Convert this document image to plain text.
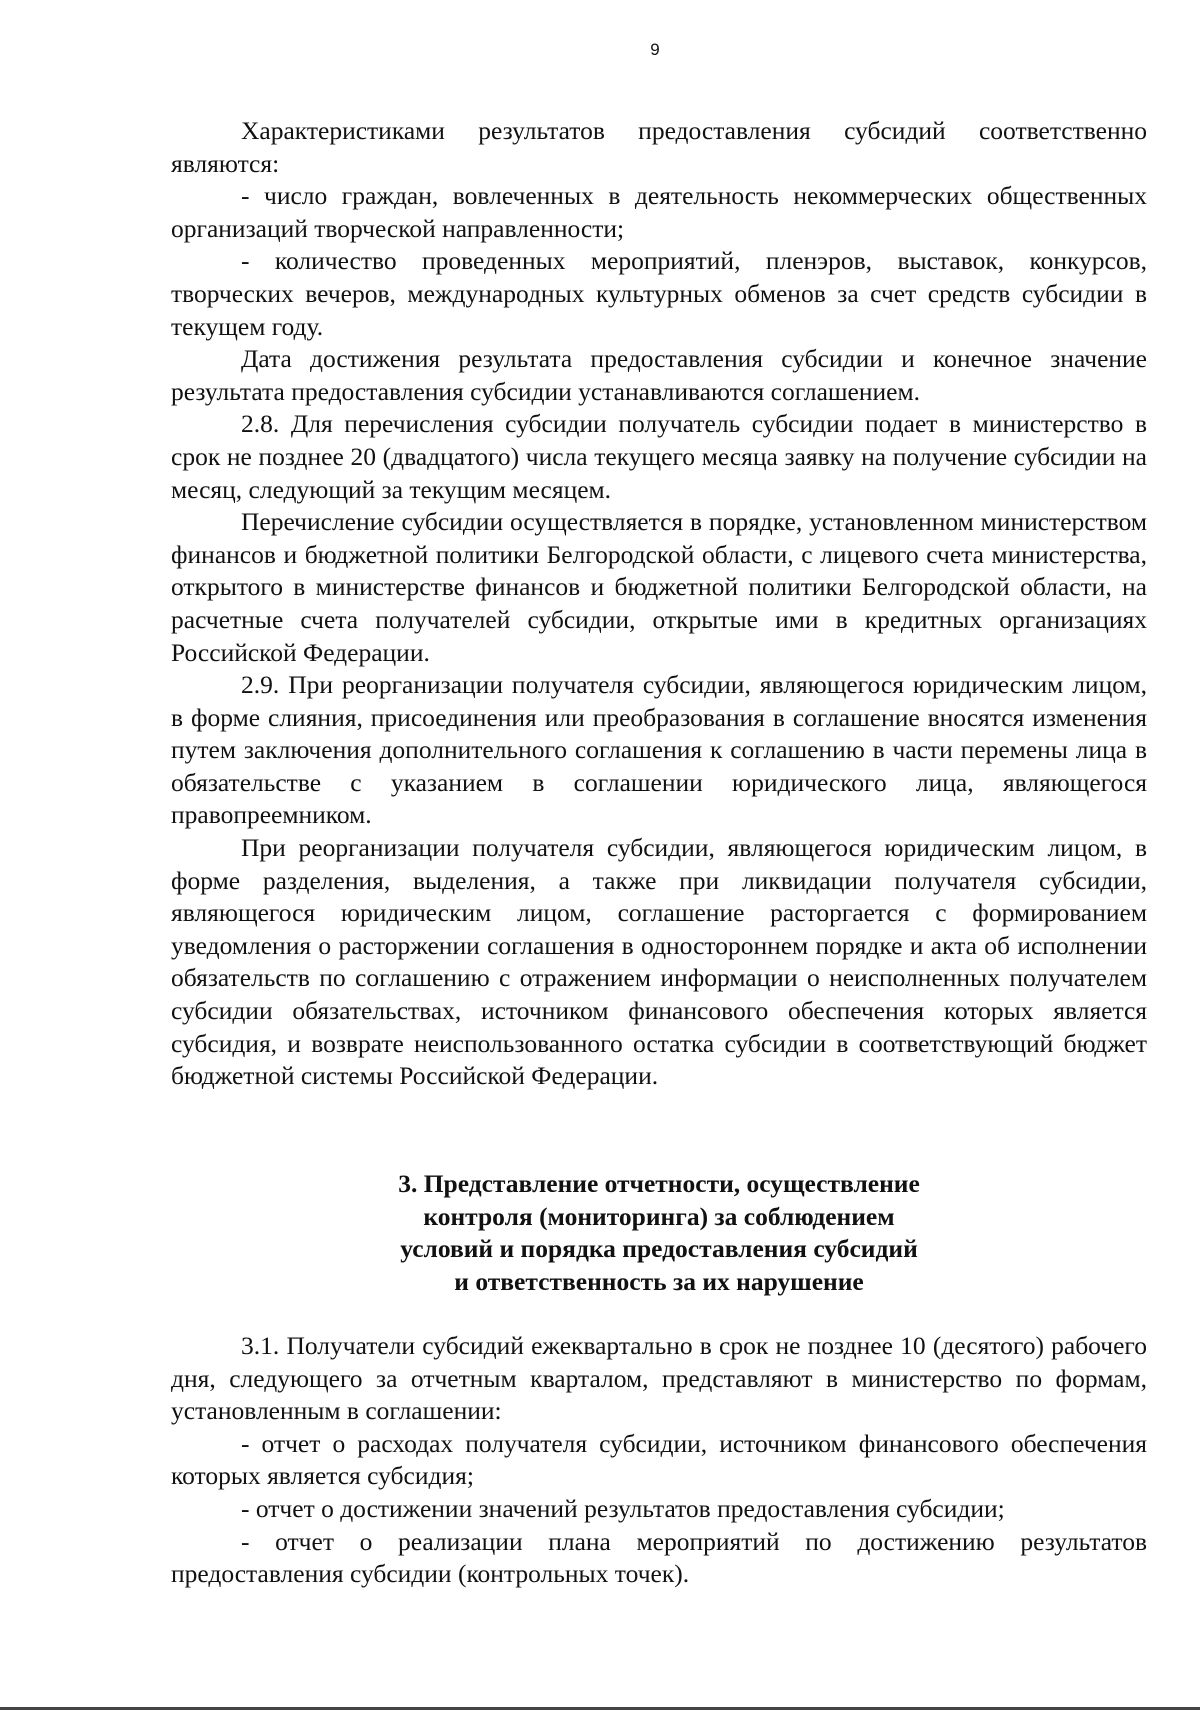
9

Характеристиками результатов предоставления субсидий соответственно являются:

- число граждан, вовлеченных в деятельность некоммерческих общественных организаций творческой направленности;

- количество проведенных мероприятий, пленэров, выставок, конкурсов, творческих вечеров, международных культурных обменов за счет средств субсидии в текущем году.

Дата достижения результата предоставления субсидии и конечное значение результата предоставления субсидии устанавливаются соглашением.

2.8. Для перечисления субсидии получатель субсидии подает в министерство в срок не позднее 20 (двадцатого) числа текущего месяца заявку на получение субсидии на месяц, следующий за текущим месяцем.

Перечисление субсидии осуществляется в порядке, установленном министерством финансов и бюджетной политики Белгородской области, с лицевого счета министерства, открытого в министерстве финансов и бюджетной политики Белгородской области, на расчетные счета получателей субсидии, открытые ими в кредитных организациях Российской Федерации.

2.9. При реорганизации получателя субсидии, являющегося юридическим лицом, в форме слияния, присоединения или преобразования в соглашение вносятся изменения путем заключения дополнительного соглашения к соглашению в части перемены лица в обязательстве с указанием в соглашении юридического лица, являющегося правопреемником.

При реорганизации получателя субсидии, являющегося юридическим лицом, в форме разделения, выделения, а также при ликвидации получателя субсидии, являющегося юридическим лицом, соглашение расторгается с формированием уведомления о расторжении соглашения в одностороннем порядке и акта об исполнении обязательств по соглашению с отражением информации о неисполненных получателем субсидии обязательствах, источником финансового обеспечения которых является субсидия, и возврате неиспользованного остатка субсидии в соответствующий бюджет бюджетной системы Российской Федерации.

3. Представление отчетности, осуществление
контроля (мониторинга) за соблюдением
условий и порядка предоставления субсидий
и ответственность за их нарушение

3.1. Получатели субсидий ежеквартально в срок не позднее 10 (десятого) рабочего дня, следующего за отчетным кварталом, представляют в министерство по формам, установленным в соглашении:

- отчет о расходах получателя субсидии, источником финансового обеспечения которых является субсидия;

- отчет о достижении значений результатов предоставления субсидии;

- отчет о реализации плана мероприятий по достижению результатов предоставления субсидии (контрольных точек).
